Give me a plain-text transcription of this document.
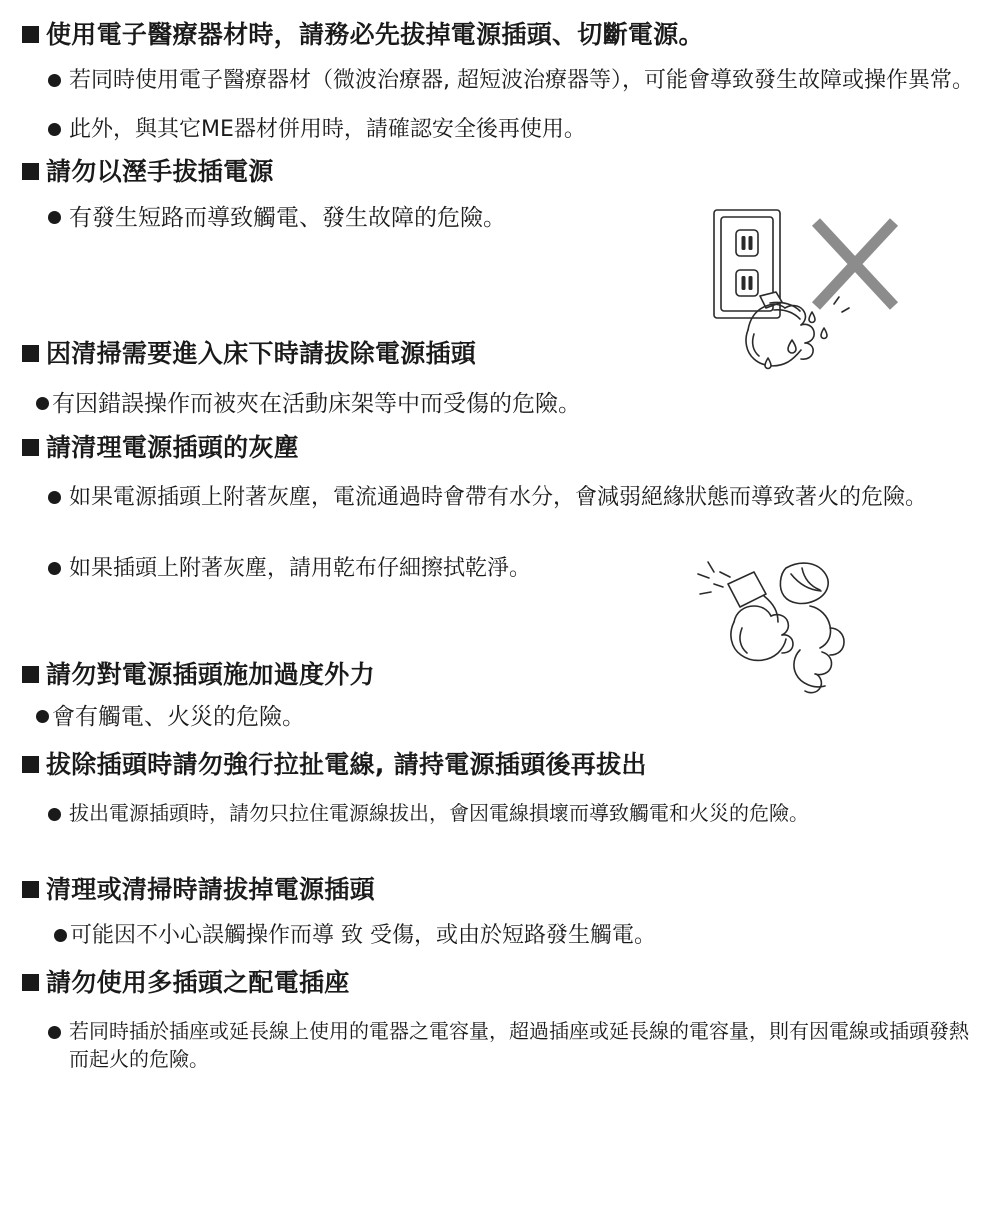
使用電子醫療器材時，請務必先拔掉電源插頭、切斷電源。
若同時使用電子醫療器材（微波治療器, 超短波治療器等），可能會導致發生故障或操作異常。
此外，與其它ME器材併用時，請確認安全後再使用。
請勿以溼手拔插電源
有發生短路而導致觸電、發生故障的危險。
因清掃需要進入床下時請拔除電源插頭
有因錯誤操作而被夾在活動床架等中而受傷的危險。
請清理電源插頭的灰塵
如果電源插頭上附著灰塵，電流通過時會帶有水分，會減弱絕緣狀態而導致著火的危險。
如果插頭上附著灰塵，請用乾布仔細擦拭乾淨。
請勿對電源插頭施加過度外力
會有觸電、火災的危險。
拔除插頭時請勿強行拉扯電線, 請持電源插頭後再拔出
拔出電源插頭時，請勿只拉住電源線拔出，會因電線損壞而導致觸電和火災的危險。
清理或清掃時請拔掉電源插頭
可能因不小心誤觸操作而導 致 受傷，或由於短路發生觸電。
請勿使用多插頭之配電插座
若同時插於插座或延長線上使用的電器之電容量，超過插座或延長線的電容量，則有因電線或插頭發熱而起火的危險。
